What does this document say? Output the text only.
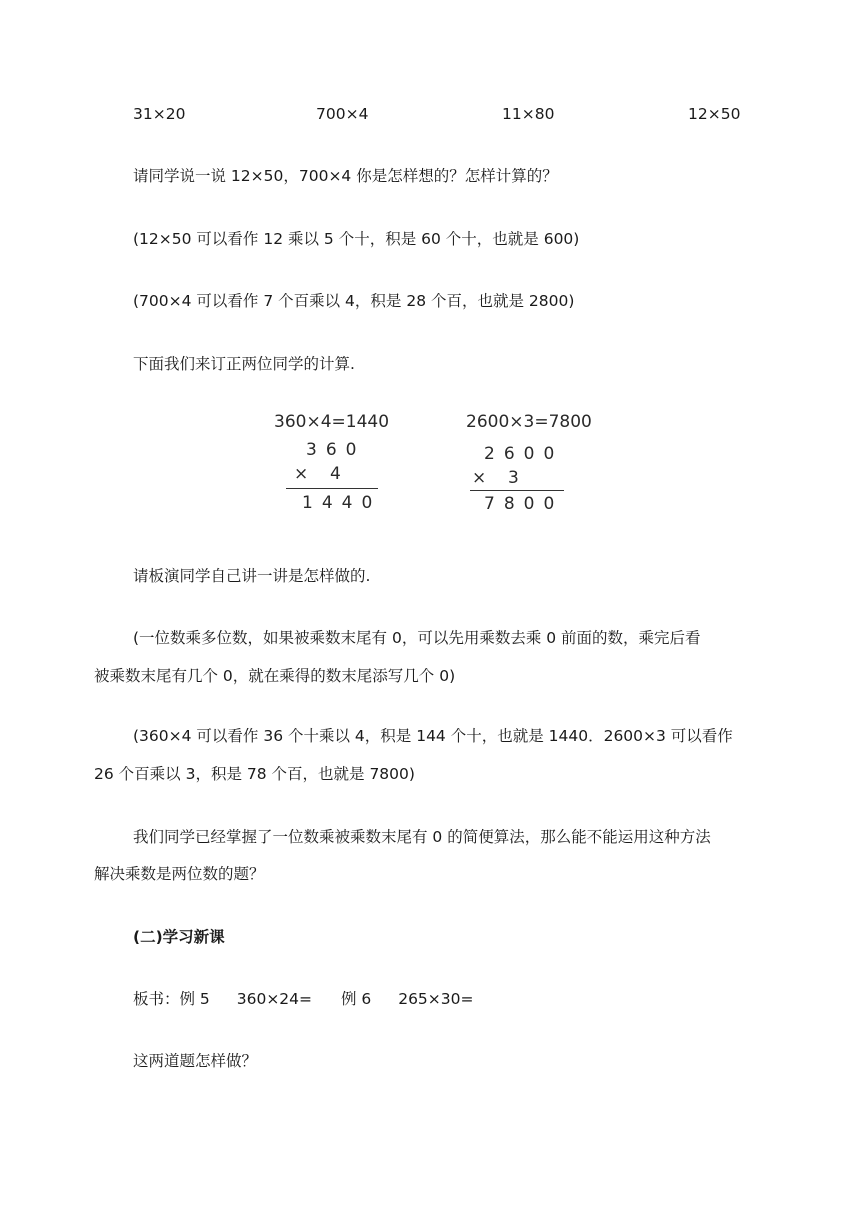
31×20	700×4	11×80	12×50
请同学说一说 12×50，700×4 你是怎样想的？怎样计算的？
(12×50 可以看作 12 乘以 5 个十，积是 60 个十，也就是 600)
(700×4 可以看作 7 个百乘以 4，积是 28 个百，也就是 2800)
下面我们来订正两位同学的计算.
360×4=1440
360
× 4
1440
2600×3=7800
2600
× 3
7800
请板演同学自己讲一讲是怎样做的.
(一位数乘多位数，如果被乘数末尾有 0，可以先用乘数去乘 0 前面的数，乘完后看
被乘数末尾有几个 0，就在乘得的数末尾添写几个 0)
(360×4 可以看作 36 个十乘以 4，积是 144 个十，也就是 1440．2600×3 可以看作
26 个百乘以 3，积是 78 个百，也就是 7800)
我们同学已经掌握了一位数乘被乘数末尾有 0 的简便算法，那么能不能运用这种方法
解决乘数是两位数的题？
(二)学习新课
板书：例 5 360×24= 例 6 265×30=
这两道题怎样做？
